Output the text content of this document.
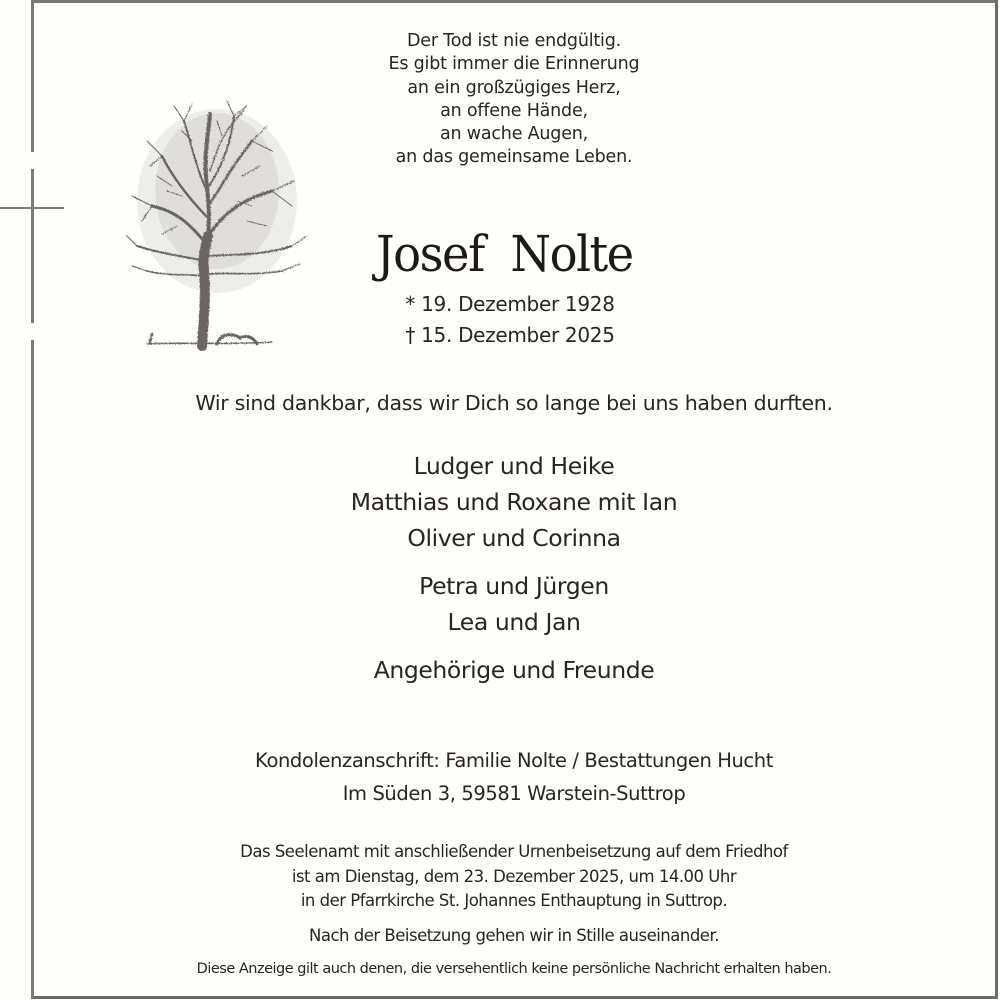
Der Tod ist nie endgültig.
Es gibt immer die Erinnerung
an ein großzügiges Herz,
an offene Hände,
an wache Augen,
an das gemeinsame Leben.
Josef  Nolte
* 19. Dezember 1928
† 15. Dezember 2025
Wir sind dankbar, dass wir Dich so lange bei uns haben durften.
Ludger und Heike
Matthias und Roxane mit Ian
Oliver und Corinna
Petra und Jürgen
Lea und Jan
Angehörige und Freunde
Kondolenzanschrift: Familie Nolte / Bestattungen Hucht
Im Süden 3, 59581 Warstein-Suttrop
Das Seelenamt mit anschließender Urnenbeisetzung auf dem Friedhof
ist am Dienstag, dem 23. Dezember 2025, um 14.00 Uhr
in der Pfarrkirche St. Johannes Enthauptung in Suttrop.
Nach der Beisetzung gehen wir in Stille auseinander.
Diese Anzeige gilt auch denen, die versehentlich keine persönliche Nachricht erhalten haben.
